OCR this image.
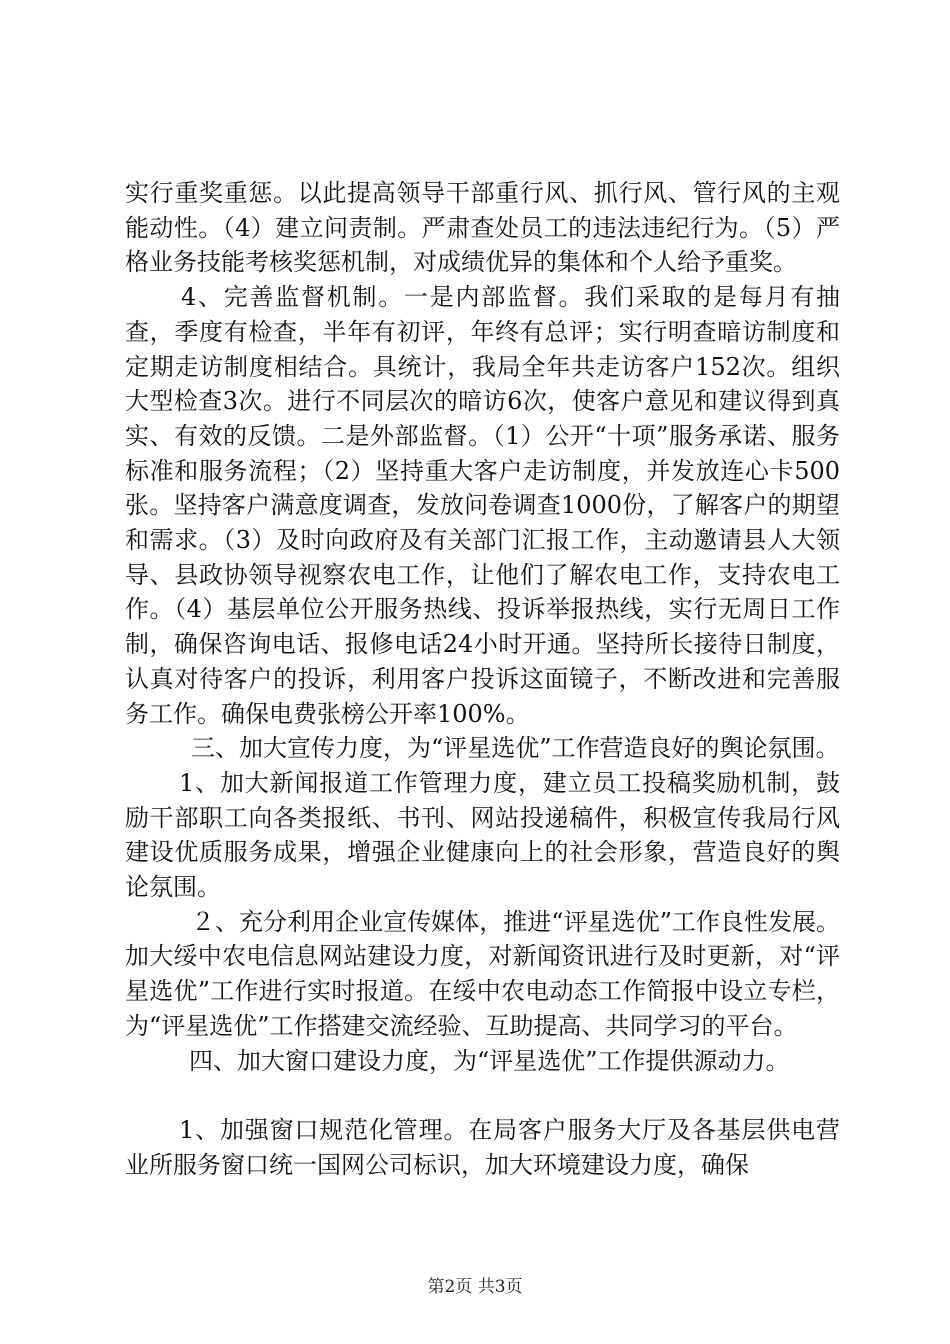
实行重奖重惩。以此提高领导干部重行风、抓行风、管行风的主观能动性。（4）建立问责制。严肃查处员工的违法违纪行为。（5）严格业务技能考核奖惩机制，对成绩优异的集体和个人给予重奖。

4、完善监督机制。一是内部监督。我们采取的是每月有抽查，季度有检查，半年有初评，年终有总评；实行明查暗访制度和定期走访制度相结合。具统计，我局全年共走访客户152次。组织大型检查3次。进行不同层次的暗访6次，使客户意见和建议得到真实、有效的反馈。二是外部监督。（1）公开“十项”服务承诺、服务标准和服务流程；（2）坚持重大客户走访制度，并发放连心卡500张。坚持客户满意度调查，发放问卷调查1000份，了解客户的期望和需求。（3）及时向政府及有关部门汇报工作，主动邀请县人大领导、县政协领导视察农电工作，让他们了解农电工作，支持农电工作。（4）基层单位公开服务热线、投诉举报热线，实行无周日工作制，确保咨询电话、报修电话24小时开通。坚持所长接待日制度，认真对待客户的投诉，利用客户投诉这面镜子，不断改进和完善服务工作。确保电费张榜公开率100%。

三、加大宣传力度，为“评星选优”工作营造良好的舆论氛围。

1、加大新闻报道工作管理力度，建立员工投稿奖励机制，鼓励干部职工向各类报纸、书刊、网站投递稿件，积极宣传我局行风建设优质服务成果，增强企业健康向上的社会形象，营造良好的舆论氛围。

２、充分利用企业宣传媒体，推进“评星选优”工作良性发展。加大绥中农电信息网站建设力度，对新闻资讯进行及时更新，对“评星选优”工作进行实时报道。在绥中农电动态工作简报中设立专栏，为“评星选优”工作搭建交流经验、互助提高、共同学习的平台。

四、加大窗口建设力度，为“评星选优”工作提供源动力。

1、加强窗口规范化管理。在局客户服务大厅及各基层供电营业所服务窗口统一国网公司标识，加大环境建设力度，确保

第2页 共3页
